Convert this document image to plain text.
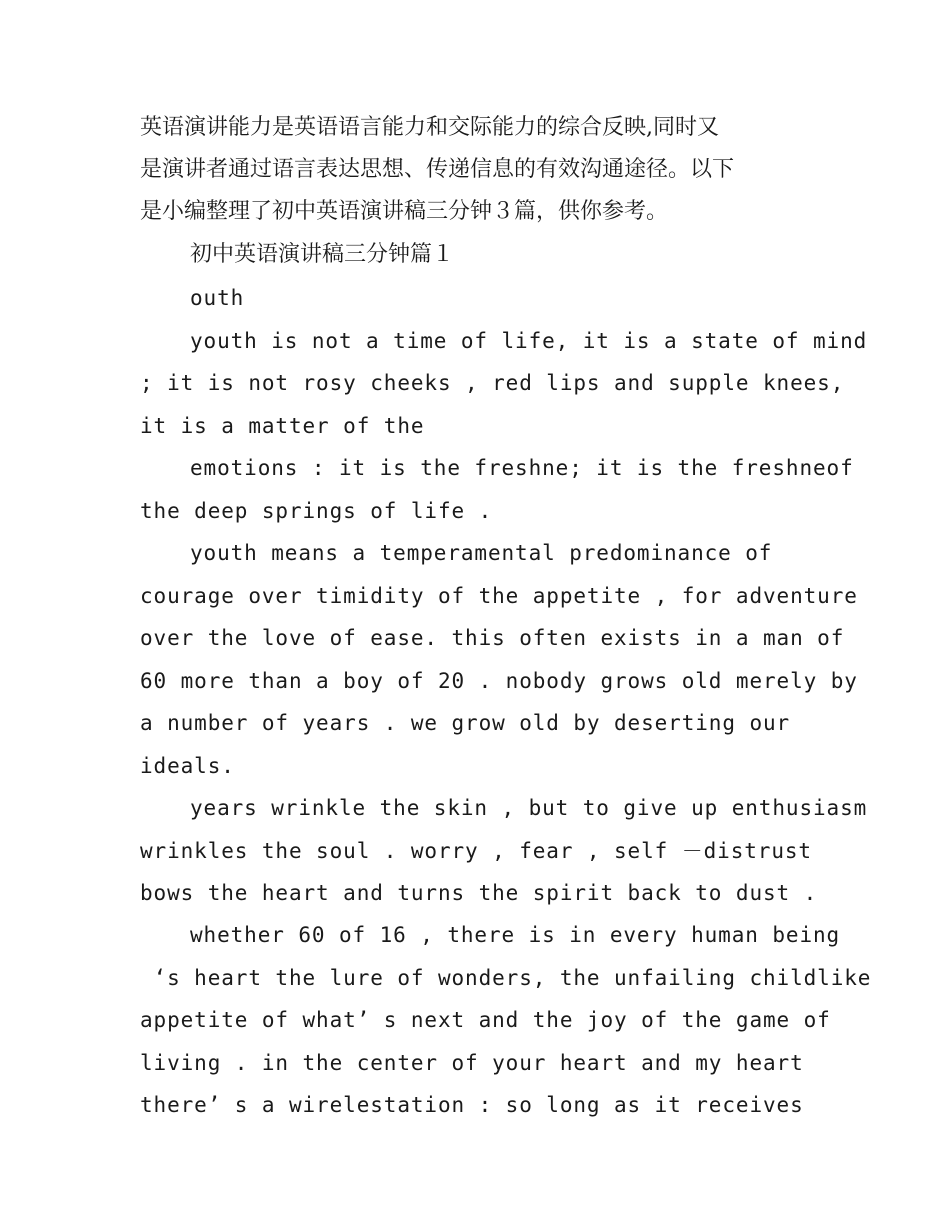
英语演讲能力是英语语言能力和交际能力的综合反映,同时又
是演讲者通过语言表达思想、传递信息的有效沟通途径。以下
是小编整理了初中英语演讲稿三分钟３篇，供你参考。
初中英语演讲稿三分钟篇１
outh
youth is not a time of life, it is a state of mind
; it is not rosy cheeks , red lips and supple knees,
it is a matter of the
emotions : it is the freshne; it is the freshneof
the deep springs of life .
youth means a temperamental predominance of
courage over timidity of the appetite , for adventure
over the love of ease. this often exists in a man of
60 more than a boy of 20 . nobody grows old merely by
a number of years . we grow old by deserting our
ideals.
years wrinkle the skin , but to give up enthusiasm
wrinkles the soul . worry , fear , self －distrust
bows the heart and turns the spirit back to dust .
whether 60 of 16 , there is in every human being
‘s heart the lure of wonders, the unfailing childlike
appetite of what’ s next and the joy of the game of
living . in the center of your heart and my heart
there’ s a wirelestation : so long as it receives
